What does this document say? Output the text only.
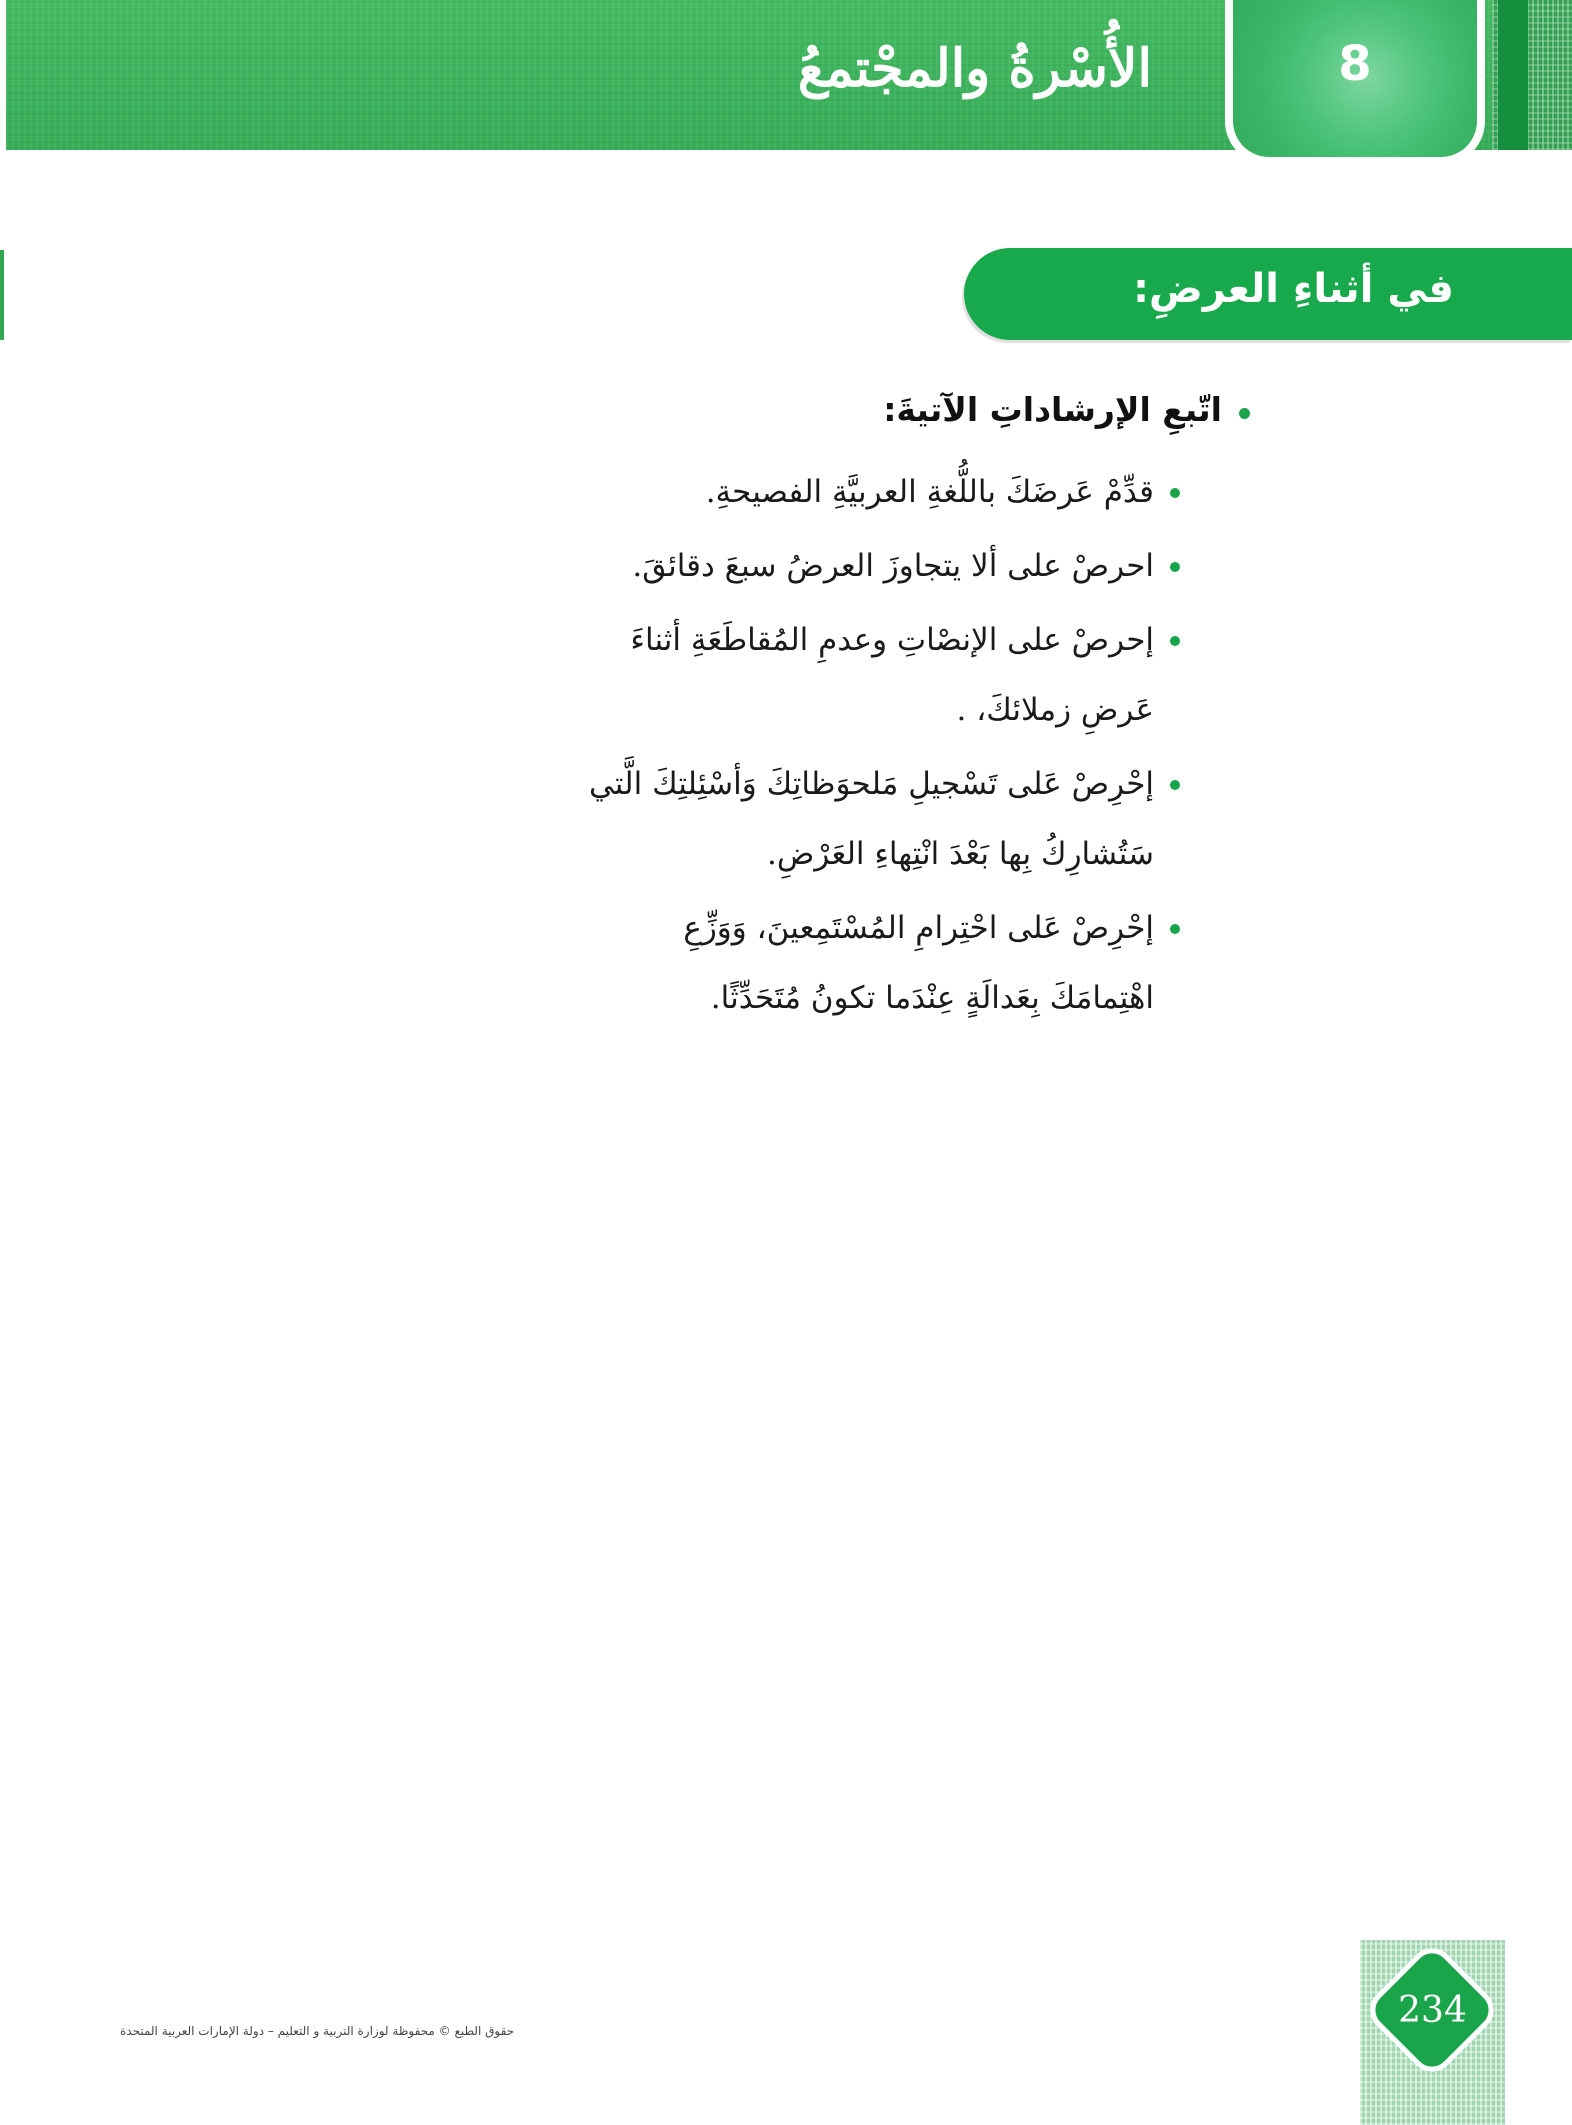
الأُسْرةُ والمجْتمعُ	8
في أثناءِ العرضِ:

اتّبعِ الإرشاداتِ الآتيةَ:

قدِّمْ عَرضَكَ باللُّغةِ العربيَّةِ الفصيحةِ.
احرصْ على ألا يتجاوزَ العرضُ سبعَ دقائقَ.
إحرصْ على الإنصْاتِ وعدمِ المُقاطَعَةِ أثناءَ عَرضِ زملائكَ، .
إحْرِصْ عَلى تَسْجيلِ مَلحوَظاتِكَ وَأسْئِلتِكَ الَّتي سَتُشارِكُ بِها بَعْدَ انْتِهاءِ العَرْضِ.
إحْرِصْ عَلى احْتِرامِ المُسْتَمِعينَ، وَوَزِّعِ اهْتِمامَكَ بِعَدالَةٍ عِنْدَما تكونُ مُتَحَدِّثًا.
234
حقوق الطبع © محفوظة لوزارة التربية و التعليم – دولة الإمارات العربية المتحدة
